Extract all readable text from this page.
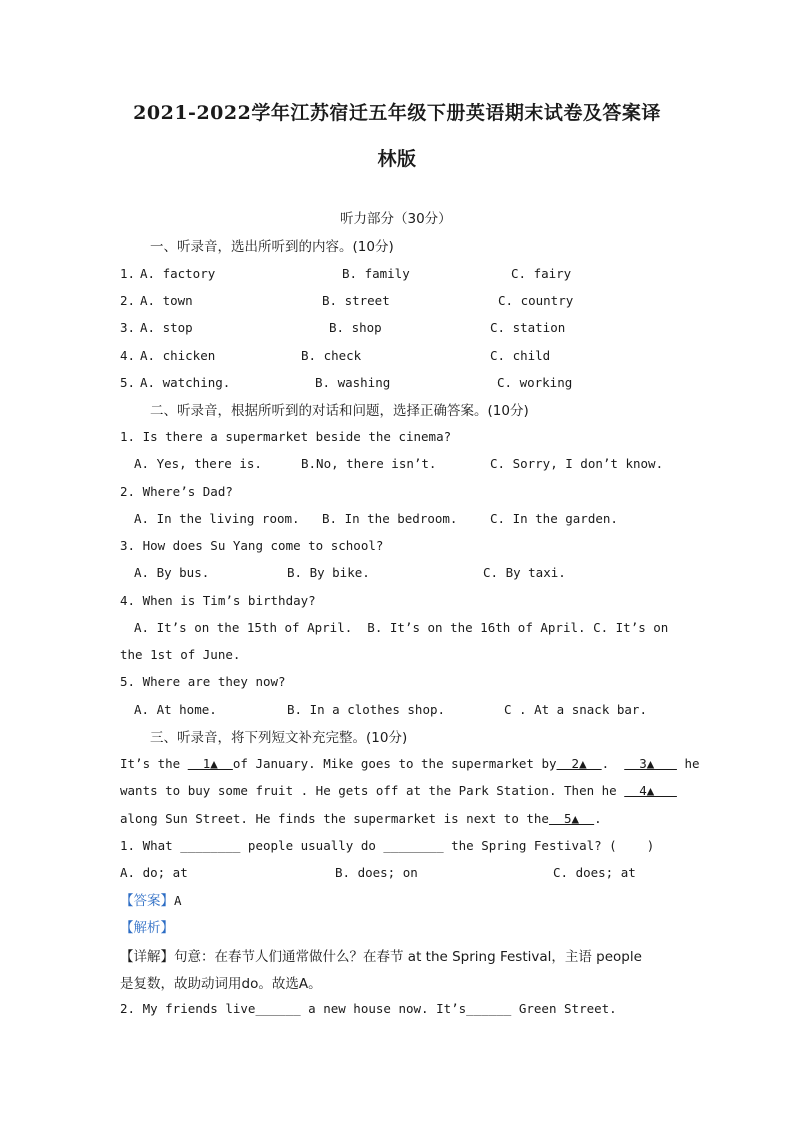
2021-2022学年江苏宿迁五年级下册英语期末试卷及答案译
林版
听力部分（30分）
一、听录音，选出所听到的内容。(10分)
1. A. factory	B. family	C. fairy
2. A. town	B. street	C. country
3. A. stop	B. shop	C. station
4. A. chicken	B. check	C. child
5. A. watching.	B. washing	C. working
二、听录音，根据所听到的对话和问题，选择正确答案。(10分)
1. Is there a supermarket beside the cinema?
A. Yes, there is.	B.No, there isn’t.	C. Sorry, I don’t know.
2. Where’s Dad?
A. In the living room. B. In the bedroom.	C. In the garden.
3. How does Su Yang come to school?
A. By bus.	B. By bike.	C. By taxi.
4. When is Tim’s birthday?
A. It’s on the 15th of April.  B. It’s on the 16th of April. C. It’s on
the 1st of June.
5. Where are they now?
A. At home.	B. In a clothes shop.	C . At a snack bar.
三、听录音，将下列短文补充完整。(10分)
It’s the   1▲  of January. Mike goes to the supermarket by  2▲  .    3▲    he
wants to buy some fruit . He gets off at the Park Station. Then he   4▲
along Sun Street. He finds the supermarket is next to the  5▲  .
1. What ________ people usually do ________ the Spring Festival? (    )
A. do; at	B. does; on	C. does; at
【答案】A
【解析】
【详解】句意：在春节人们通常做什么？在春节 at the Spring Festival，主语 people
是复数，故助动词用do。故选A。
2. My friends live______ a new house now. It’s______ Green Street.
